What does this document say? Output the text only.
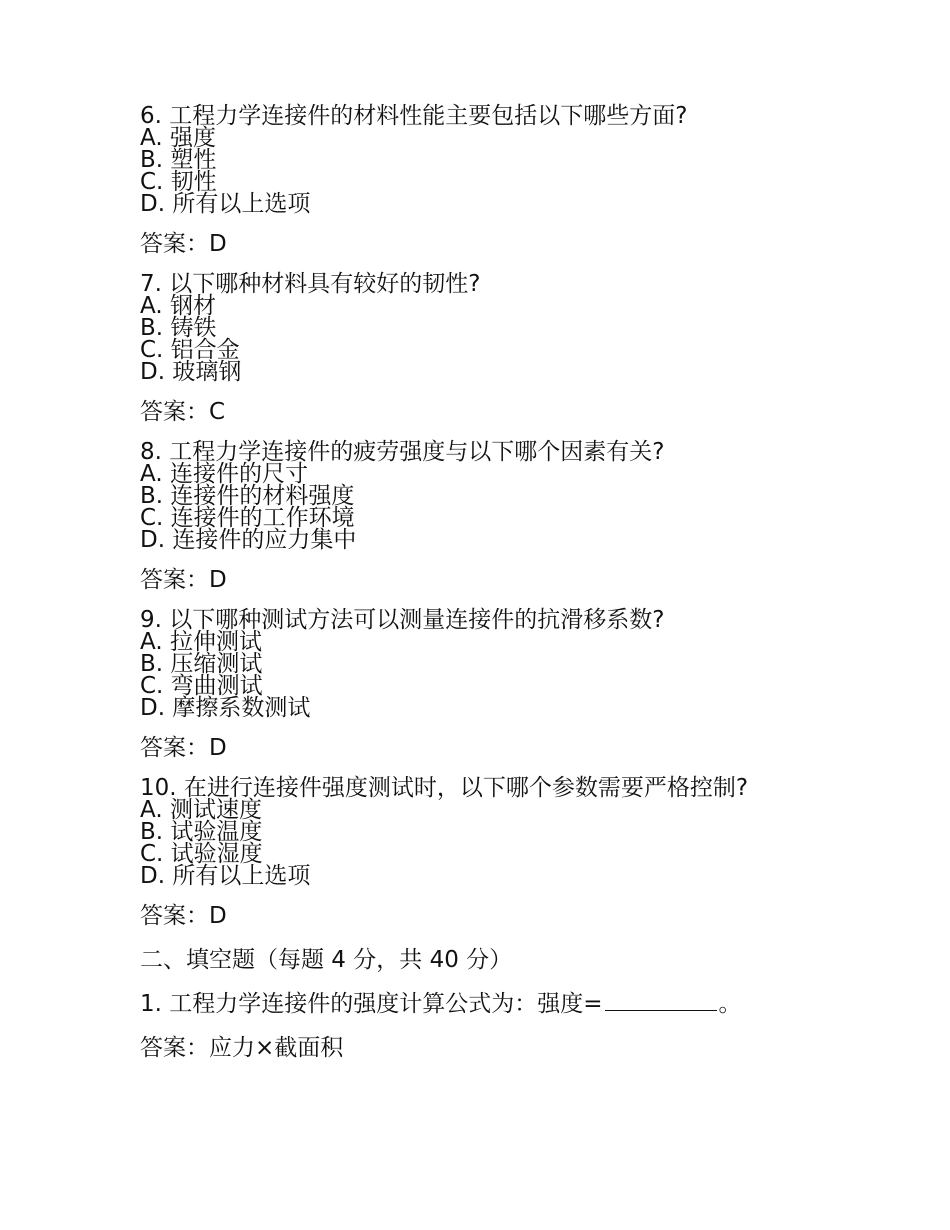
6. 工程力学连接件的材料性能主要包括以下哪些方面?
A. 强度
B. 塑性
C. 韧性
D. 所有以上选项
答案：D
7. 以下哪种材料具有较好的韧性?
A. 钢材
B. 铸铁
C. 铝合金
D. 玻璃钢
答案：C
8. 工程力学连接件的疲劳强度与以下哪个因素有关?
A. 连接件的尺寸
B. 连接件的材料强度
C. 连接件的工作环境
D. 连接件的应力集中
答案：D
9. 以下哪种测试方法可以测量连接件的抗滑移系数?
A. 拉伸测试
B. 压缩测试
C. 弯曲测试
D. 摩擦系数测试
答案：D
10. 在进行连接件强度测试时，以下哪个参数需要严格控制?
A. 测试速度
B. 试验温度
C. 试验湿度
D. 所有以上选项
答案：D
二、填空题（每题 4 分，共 40 分）
1. 工程力学连接件的强度计算公式为：强度=	。
答案：应力×截面积
